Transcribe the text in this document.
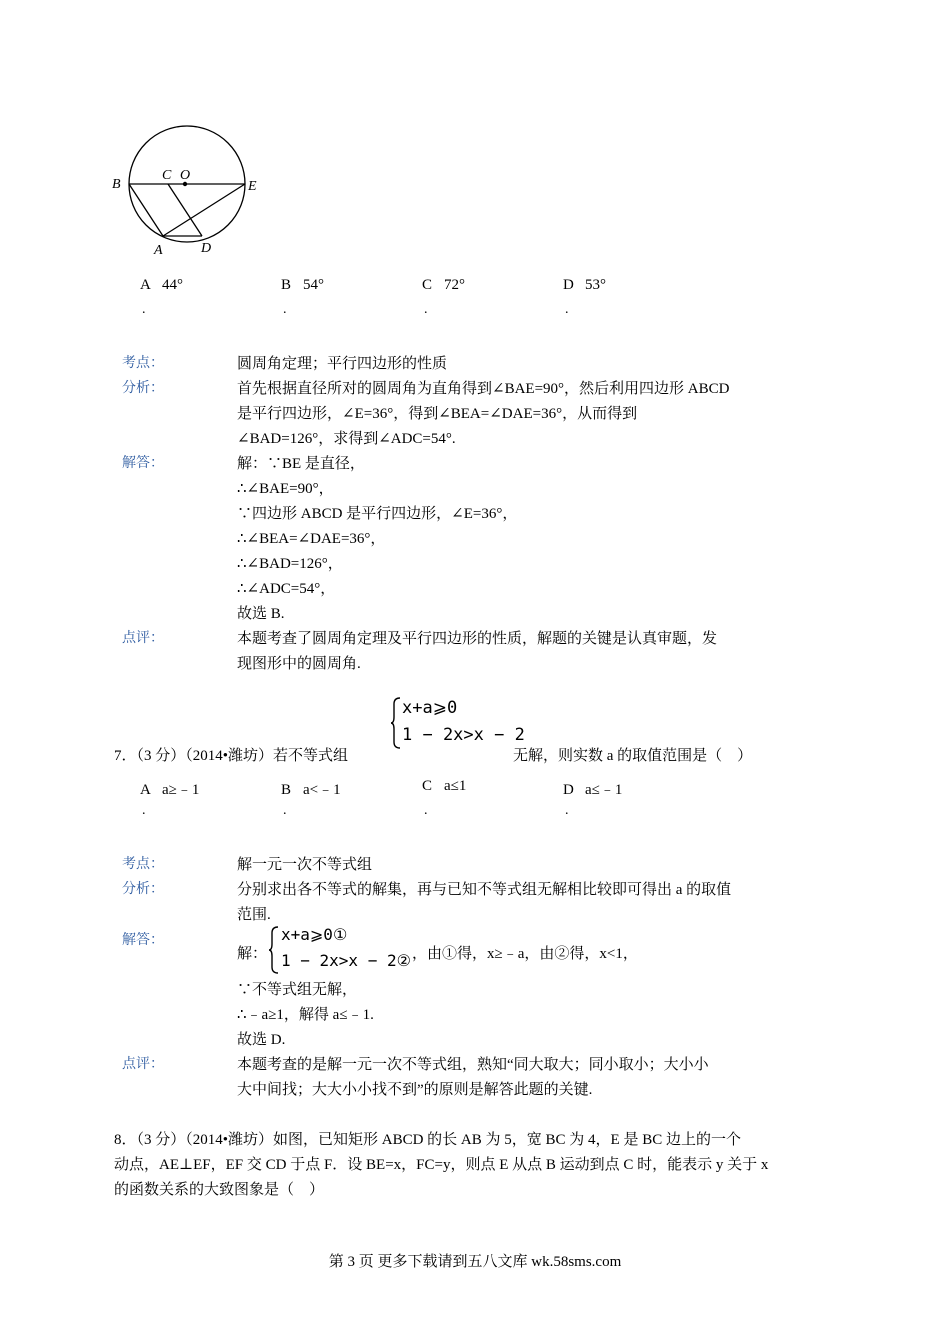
B
C O
E
A	D
A 44°	B 54°	C 72°	D 53°
.	.	.	.
考点：	圆周角定理；平行四边形的性质
分析：	首先根据直径所对的圆周角为直角得到∠BAE=90°，然后利用四边形 ABCD
是平行四边形，∠E=36°，得到∠BEA=∠DAE=36°，从而得到
∠BAD=126°，求得到∠ADC=54°.
解答：	解：∵BE 是直径，
∴∠BAE=90°，
∵四边形 ABCD 是平行四边形，∠E=36°，
∴∠BEA=∠DAE=36°，
∴∠BAD=126°，
∴∠ADC=54°，
故选 B.
点评：	本题考查了圆周角定理及平行四边形的性质，解题的关键是认真审题，发
现图形中的圆周角.
7．（3 分）（2014•潍坊）若不等式组
x+a⩾0
1 − 2x>x − 2
无解，则实数 a 的取值范围是（　）
A a≥﹣1	B a<﹣1	C a≤1	D a≤﹣1
.	.	.	.
考点：	解一元一次不等式组
分析：	分别求出各不等式的解集，再与已知不等式组无解相比较即可得出 a 的取值
范围.
解答：
解：
x+a⩾0①
1 − 2x>x − 2② ，由①得，x≥﹣a，由②得，x<1，
∵不等式组无解，
∴﹣a≥1，解得 a≤﹣1.
故选 D.
点评：	本题考查的是解一元一次不等式组，熟知“同大取大；同小取小；大小小
大中间找；大大小小找不到”的原则是解答此题的关键.
8．（3 分）（2014•潍坊）如图，已知矩形 ABCD 的长 AB 为 5，宽 BC 为 4，E 是 BC 边上的一个
动点，AE⊥EF，EF 交 CD 于点 F．设 BE=x，FC=y，则点 E 从点 B 运动到点 C 时，能表示 y 关于 x
的函数关系的大致图象是（　）
第 3 页 更多下载请到五八文库 wk.58sms.com
